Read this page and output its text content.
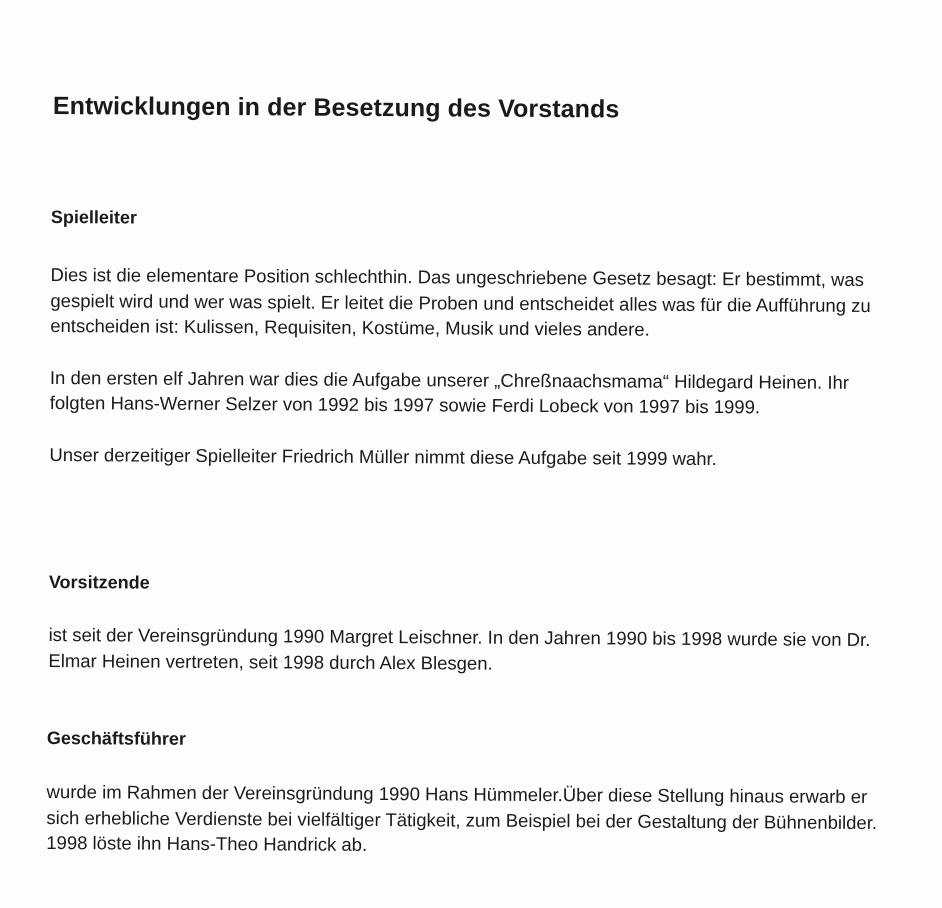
Entwicklungen in der Besetzung des Vorstands
Spielleiter

Dies ist die elementare Position schlechthin. Das ungeschriebene Gesetz besagt: Er bestimmt, was gespielt wird und wer was spielt. Er leitet die Proben und entscheidet alles was für die Aufführung zu entscheiden ist: Kulissen, Requisiten, Kostüme, Musik und vieles andere.

In den ersten elf Jahren war dies die Aufgabe unserer „Chreßnaachsmama“ Hildegard Heinen. Ihr folgten Hans-Werner Selzer von 1992 bis 1997 sowie Ferdi Lobeck von 1997 bis 1999.

Unser derzeitiger Spielleiter Friedrich Müller nimmt diese Aufgabe seit 1999 wahr.

Vorsitzende

ist seit der Vereinsgründung 1990 Margret Leischner. In den Jahren 1990 bis 1998 wurde sie von Dr. Elmar Heinen vertreten, seit 1998 durch Alex Blesgen.

Geschäftsführer

wurde im Rahmen der Vereinsgründung 1990 Hans Hümmeler.Über diese Stellung hinaus erwarb er sich erhebliche Verdienste bei vielfältiger Tätigkeit, zum Beispiel bei der Gestaltung der Bühnenbilder. 1998 löste ihn Hans-Theo Handrick ab.
